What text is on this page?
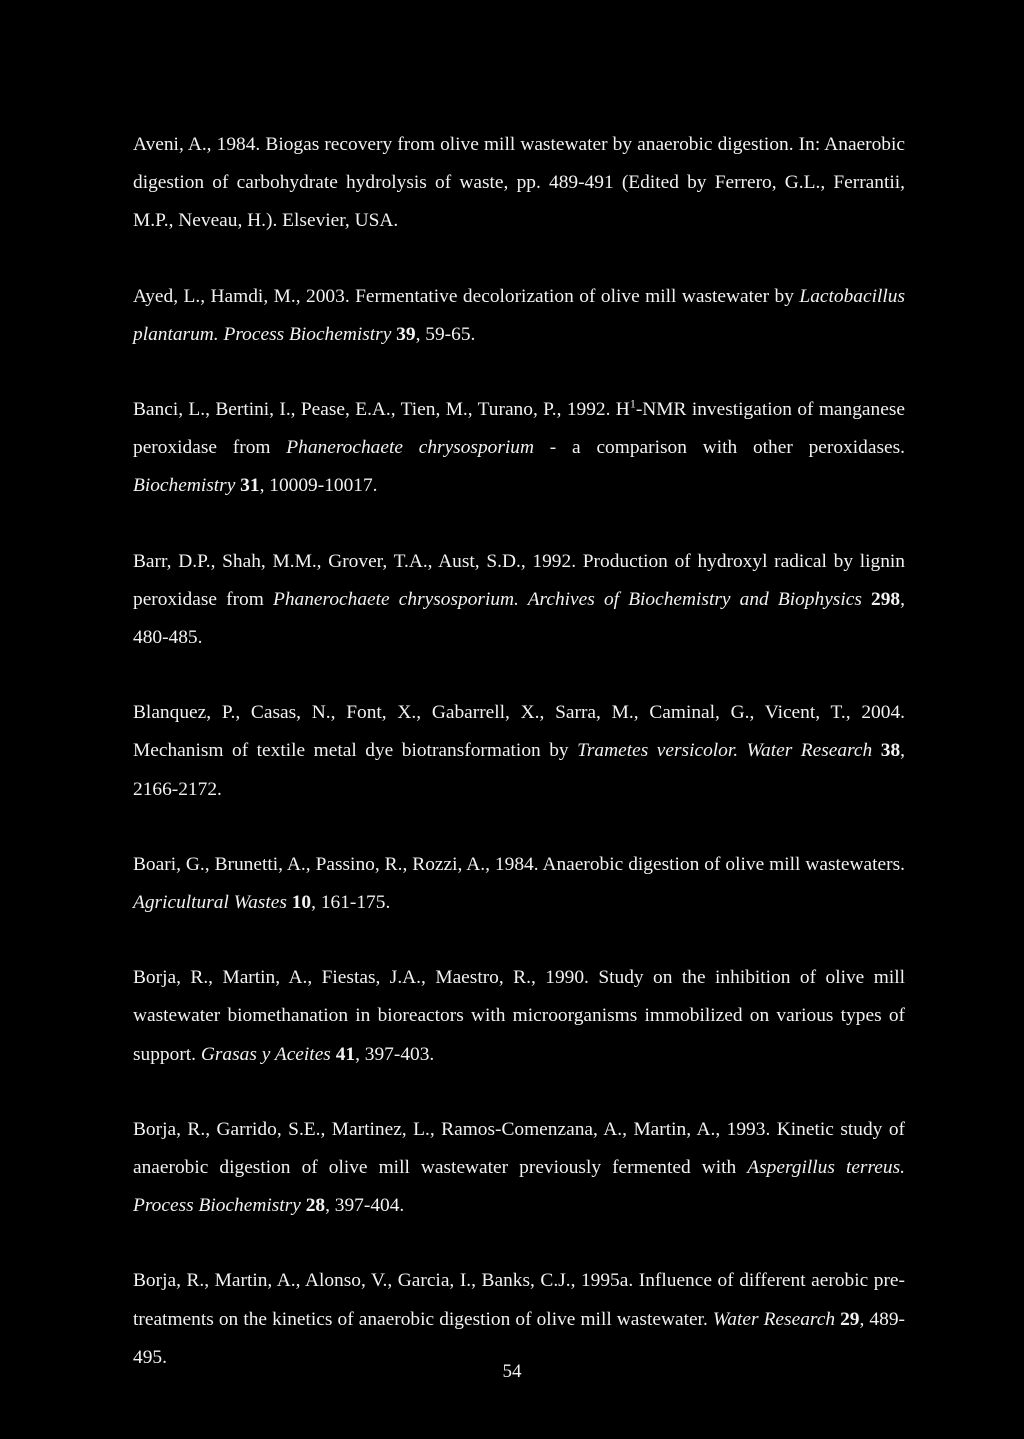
Aveni, A., 1984. Biogas recovery from olive mill wastewater by anaerobic digestion. In: Anaerobic digestion of carbohydrate hydrolysis of waste, pp. 489-491 (Edited by Ferrero, G.L., Ferrantii, M.P., Neveau, H.). Elsevier, USA.

Ayed, L., Hamdi, M., 2003. Fermentative decolorization of olive mill wastewater by Lactobacillus plantarum. Process Biochemistry 39, 59-65.

Banci, L., Bertini, I., Pease, E.A., Tien, M., Turano, P., 1992. $H^1$-NMR investigation of manganese peroxidase from Phanerochaete chrysosporium - a comparison with other peroxidases. Biochemistry 31, 10009-10017.

Barr, D.P., Shah, M.M., Grover, T.A., Aust, S.D., 1992. Production of hydroxyl radical by lignin peroxidase from Phanerochaete chrysosporium. Archives of Biochemistry and Biophysics 298, 480-485.

Blanquez, P., Casas, N., Font, X., Gabarrell, X., Sarra, M., Caminal, G., Vicent, T., 2004. Mechanism of textile metal dye biotransformation by Trametes versicolor. Water Research 38, 2166-2172.

Boari, G., Brunetti, A., Passino, R., Rozzi, A., 1984. Anaerobic digestion of olive mill wastewaters. Agricultural Wastes 10, 161-175.

Borja, R., Martin, A., Fiestas, J.A., Maestro, R., 1990. Study on the inhibition of olive mill wastewater biomethanation in bioreactors with microorganisms immobilized on various types of support. Grasas y Aceites 41, 397-403.

Borja, R., Garrido, S.E., Martinez, L., Ramos-Comenzana, A., Martin, A., 1993. Kinetic study of anaerobic digestion of olive mill wastewater previously fermented with Aspergillus terreus. Process Biochemistry 28, 397-404.

Borja, R., Martin, A., Alonso, V., Garcia, I., Banks, C.J., 1995a. Influence of different aerobic pre-treatments on the kinetics of anaerobic digestion of olive mill wastewater. Water Research 29, 489-495.

54
